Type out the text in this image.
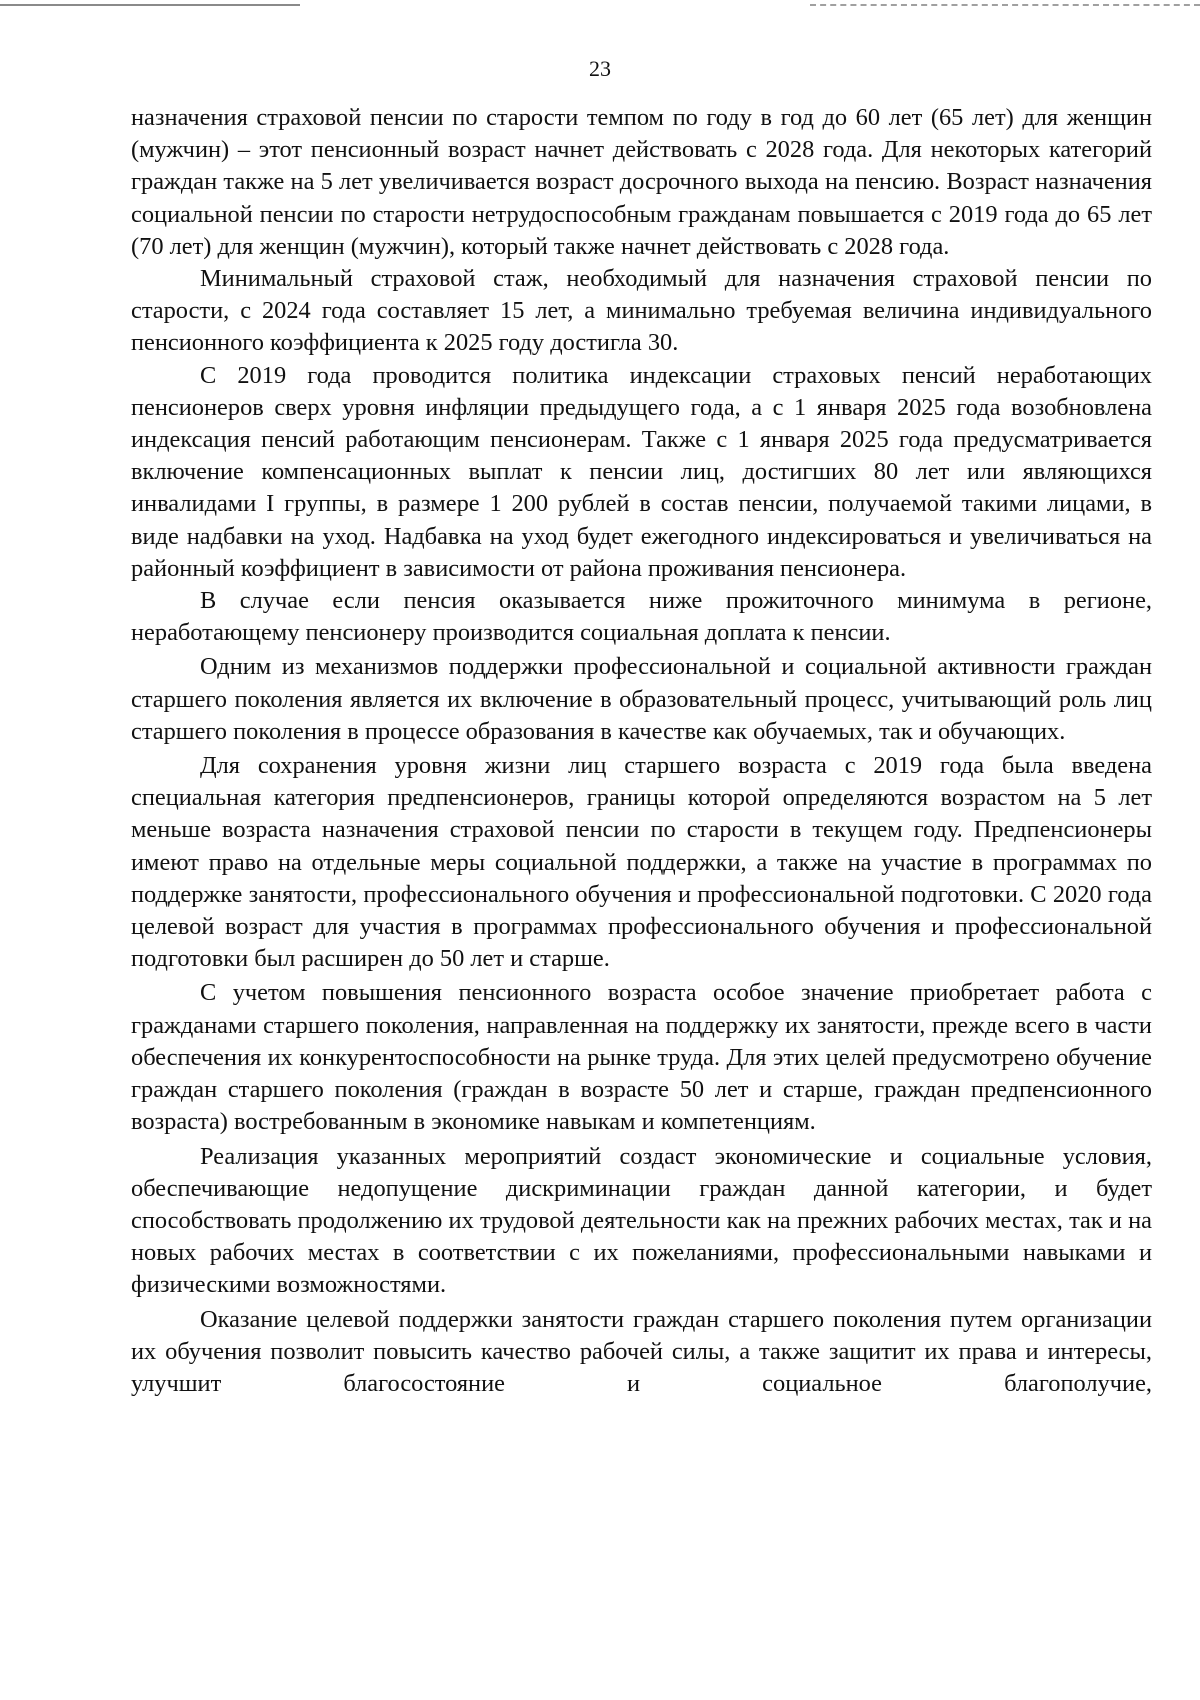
23

назначения страховой пенсии по старости темпом по году в год до 60 лет (65 лет) для женщин (мужчин) – этот пенсионный возраст начнет действовать с 2028 года. Для некоторых категорий граждан также на 5 лет увеличивается возраст досрочного выхода на пенсию. Возраст назначения социальной пенсии по старости нетрудоспособным гражданам повышается с 2019 года до 65 лет (70 лет) для женщин (мужчин), который также начнет действовать с 2028 года.

Минимальный страховой стаж, необходимый для назначения страховой пенсии по старости, с 2024 года составляет 15 лет, а минимально требуемая величина индивидуального пенсионного коэффициента к 2025 году достигла 30.

С 2019 года проводится политика индексации страховых пенсий неработающих пенсионеров сверх уровня инфляции предыдущего года, а с 1 января 2025 года возобновлена индексация пенсий работающим пенсионерам. Также с 1 января 2025 года предусматривается включение компенсационных выплат к пенсии лиц, достигших 80 лет или являющихся инвалидами I группы, в размере 1 200 рублей в состав пенсии, получаемой такими лицами, в виде надбавки на уход. Надбавка на уход будет ежегодного индексироваться и увеличиваться на районный коэффициент в зависимости от района проживания пенсионера.

В случае если пенсия оказывается ниже прожиточного минимума в регионе, неработающему пенсионеру производится социальная доплата к пенсии.

Одним из механизмов поддержки профессиональной и социальной активности граждан старшего поколения является их включение в образовательный процесс, учитывающий роль лиц старшего поколения в процессе образования в качестве как обучаемых, так и обучающих.

Для сохранения уровня жизни лиц старшего возраста с 2019 года была введена специальная категория предпенсионеров, границы которой определяются возрастом на 5 лет меньше возраста назначения страховой пенсии по старости в текущем году. Предпенсионеры имеют право на отдельные меры социальной поддержки, а также на участие в программах по поддержке занятости, профессионального обучения и профессиональной подготовки. С 2020 года целевой возраст для участия в программах профессионального обучения и профессиональной подготовки был расширен до 50 лет и старше.

С учетом повышения пенсионного возраста особое значение приобретает работа с гражданами старшего поколения, направленная на поддержку их занятости, прежде всего в части обеспечения их конкурентоспособности на рынке труда. Для этих целей предусмотрено обучение граждан старшего поколения (граждан в возрасте 50 лет и старше, граждан предпенсионного возраста) востребованным в экономике навыкам и компетенциям.

Реализация указанных мероприятий создаст экономические и социальные условия, обеспечивающие недопущение дискриминации граждан данной категории, и будет способствовать продолжению их трудовой деятельности как на прежних рабочих местах, так и на новых рабочих местах в соответствии с их пожеланиями, профессиональными навыками и физическими возможностями.

Оказание целевой поддержки занятости граждан старшего поколения путем организации их обучения позволит повысить качество рабочей силы, а также защитит их права и интересы, улучшит благосостояние и социальное благополучие,
